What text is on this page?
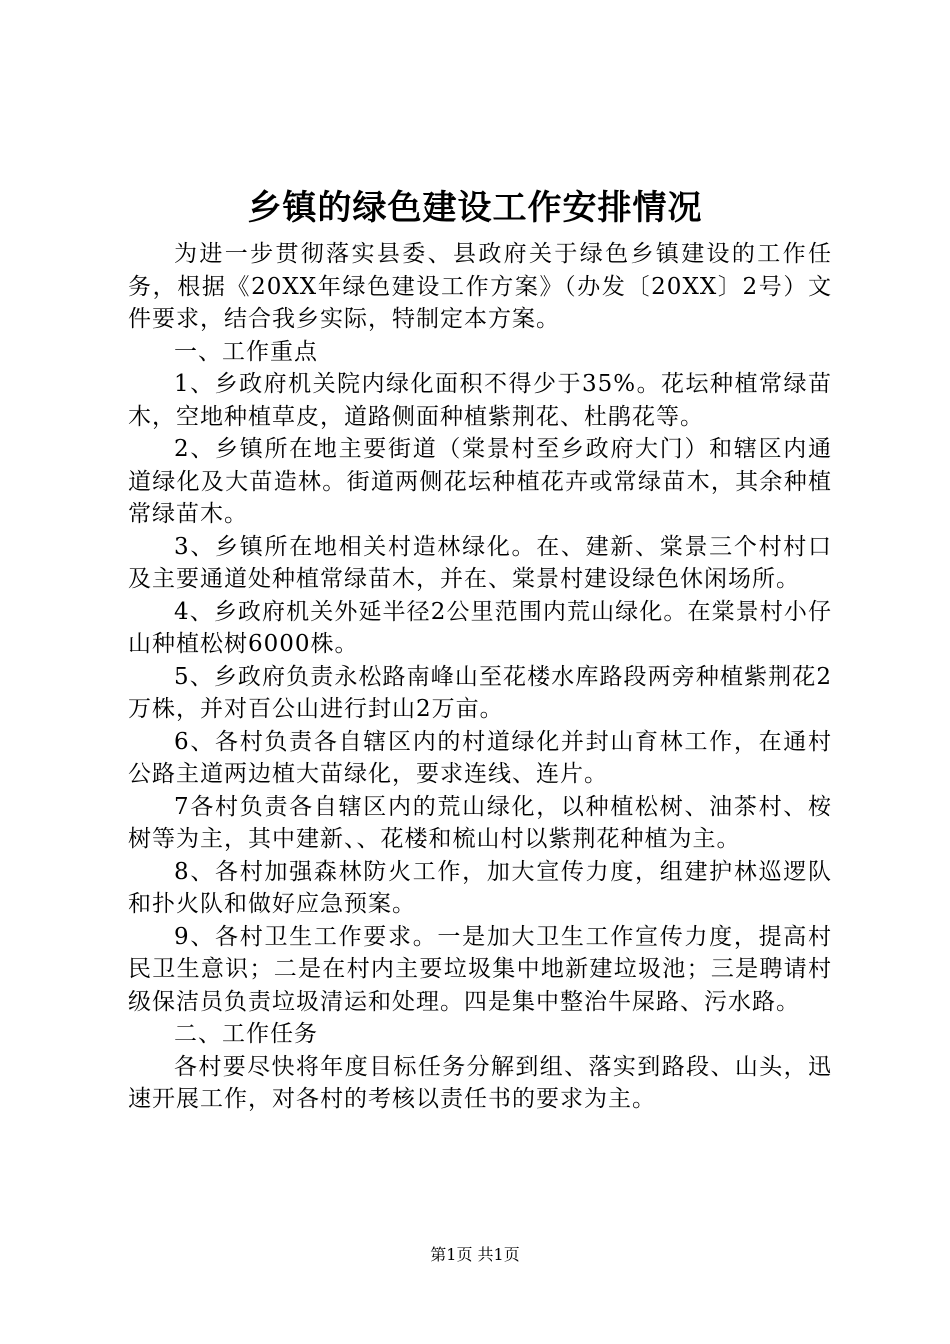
乡镇的绿色建设工作安排情况

为进一步贯彻落实县委、县政府关于绿色乡镇建设的工作任务，根据《20XX年绿色建设工作方案》（办发〔20XX〕2号）文件要求，结合我乡实际，特制定本方案。

一、工作重点

1、乡政府机关院内绿化面积不得少于35%。花坛种植常绿苗木，空地种植草皮，道路侧面种植紫荆花、杜鹃花等。

2、乡镇所在地主要街道（棠景村至乡政府大门）和辖区内通道绿化及大苗造林。街道两侧花坛种植花卉或常绿苗木，其余种植常绿苗木。

3、乡镇所在地相关村造林绿化。在、建新、棠景三个村村口及主要通道处种植常绿苗木，并在、棠景村建设绿色休闲场所。

4、乡政府机关外延半径2公里范围内荒山绿化。在棠景村小仔山种植松树6000株。

5、乡政府负责永松路南峰山至花楼水库路段两旁种植紫荆花2万株，并对百公山进行封山2万亩。

6、各村负责各自辖区内的村道绿化并封山育林工作，在通村公路主道两边植大苗绿化，要求连线、连片。

7各村负责各自辖区内的荒山绿化，以种植松树、油茶村、桉树等为主，其中建新、、花楼和梳山村以紫荆花种植为主。

8、各村加强森林防火工作，加大宣传力度，组建护林巡逻队和扑火队和做好应急预案。

9、各村卫生工作要求。一是加大卫生工作宣传力度，提高村民卫生意识；二是在村内主要垃圾集中地新建垃圾池；三是聘请村级保洁员负责垃圾清运和处理。四是集中整治牛屎路、污水路。

二、工作任务

各村要尽快将年度目标任务分解到组、落实到路段、山头，迅速开展工作，对各村的考核以责任书的要求为主。

第1页 共1页
